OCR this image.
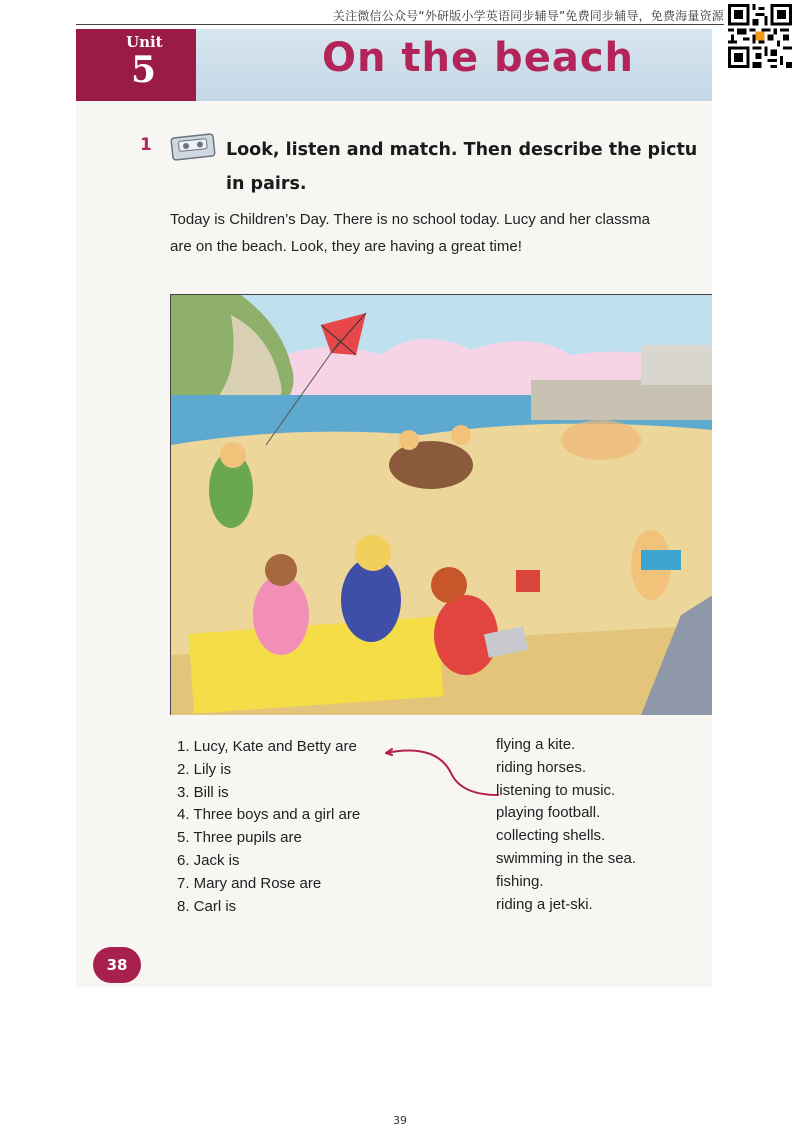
关注微信公众号“外研版小学英语同步辅导”免费同步辅导，免费海量资源
Unit
5	On the beach
1	Look, listen and match. Then describe the pictu
in pairs.
Today is Children’s Day. There is no school today. Lucy and her classma
are on the beach. Look, they are having a great time!
1. Lucy, Kate and Betty are
2. Lily is
3. Bill is
4. Three boys and a girl are
5. Three pupils are
6. Jack is
7. Mary and Rose are
8. Carl is
flying a kite.
riding horses.
listening to music.
playing football.
collecting shells.
swimming in the sea.
fishing.
riding a jet-ski.
38
39
